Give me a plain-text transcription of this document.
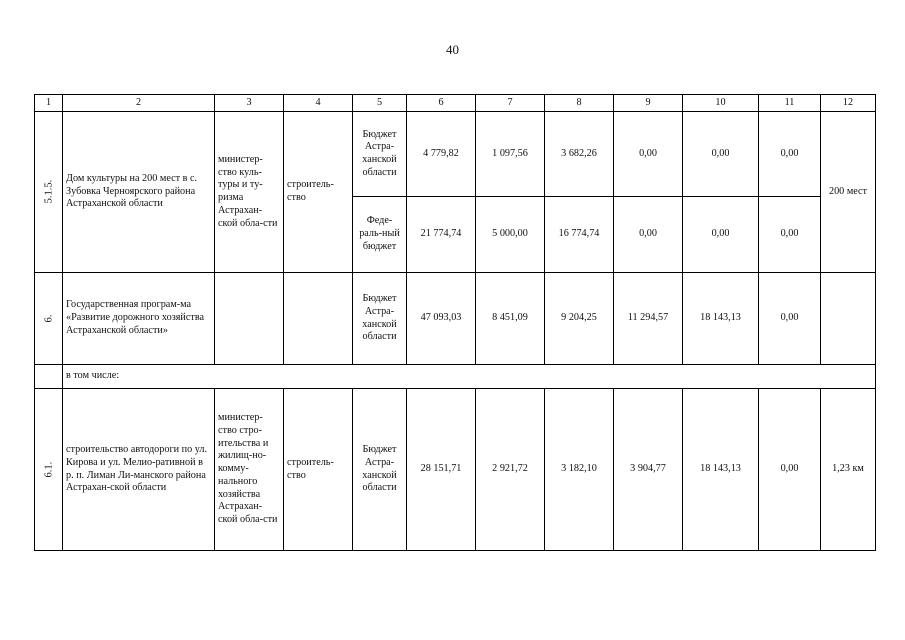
40
1	2	3	4	5	6	7	8	9	10	11	12

5.1.5.	Дом культуры на 200 мест в с. Зубовка Черноярского района Астраханской области	министер-ство куль-туры и ту-ризма Астрахан-ской обла-сти	строитель-ство	Бюджет Астра-ханской области	4 779,82	1 097,56	3 682,26	0,00	0,00	0,00	200 мест
				Феде-раль-ный бюджет	21 774,74	5 000,00	16 774,74	0,00	0,00	0,00	

6.	Государственная програм-ма «Развитие дорожного хозяйства Астраханской области»			Бюджет Астра-ханской области	47 093,03	8 451,09	9 204,25	11 294,57	18 143,13	0,00	
	в том числе:										

6.1.	строительство автодороги по ул. Кирова и ул. Мелио-ративной в р. п. Лиман Ли-манского района Астрахан-ской области	министер-ство стро-ительства и жилищ-но-комму-нального хозяйства Астрахан-ской обла-сти	строитель-ство	Бюджет Астра-ханской области	28 151,71	2 921,72	3 182,10	3 904,77	18 143,13	0,00	1,23 км
